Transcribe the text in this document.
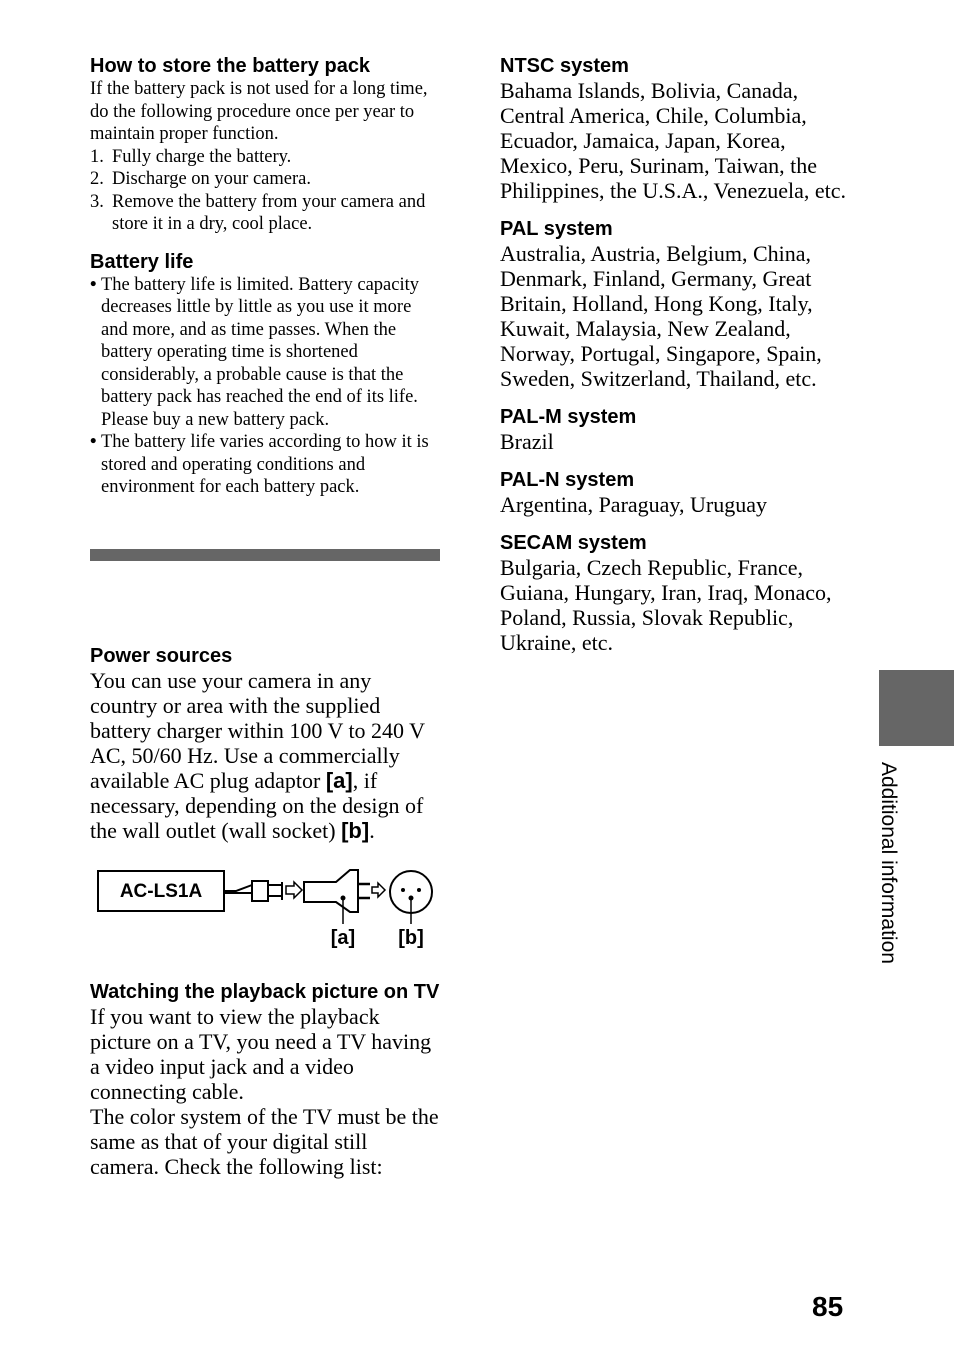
How to store the battery pack

If the battery pack is not used for a long time, do the following procedure once per year to maintain proper function.

1. Fully charge the battery.
2. Discharge on your camera.
3. Remove the battery from your camera and store it in a dry, cool place.
Battery life
• The battery life is limited. Battery capacity decreases little by little as you use it more and more, and as time passes. When the battery operating time is shortened considerably, a probable cause is that the battery pack has reached the end of its life. Please buy a new battery pack.
• The battery life varies according to how it is stored and operating conditions and environment for each battery pack.
Power sources

You can use your camera in any country or area with the supplied battery charger within 100 V to 240 V AC, 50/60 Hz. Use a commercially available AC plug adaptor [a], if necessary, depending on the design of the wall outlet (wall socket) [b].

AC-LS1A
[a] [b]
Watching the playback picture on TV

If you want to view the playback picture on a TV, you need a TV having a video input jack and a video connecting cable.

The color system of the TV must be the same as that of your digital still camera. Check the following list:

NTSC system

Bahama Islands, Bolivia, Canada, Central America, Chile, Columbia, Ecuador, Jamaica, Japan, Korea, Mexico, Peru, Surinam, Taiwan, the Philippines, the U.S.A., Venezuela, etc.

PAL system

Australia, Austria, Belgium, China, Denmark, Finland, Germany, Great Britain, Holland, Hong Kong, Italy, Kuwait, Malaysia, New Zealand, Norway, Portugal, Singapore, Spain, Sweden, Switzerland, Thailand, etc.

PAL-M system

Brazil

PAL-N system

Argentina, Paraguay, Uruguay

SECAM system

Bulgaria, Czech Republic, France, Guiana, Hungary, Iran, Iraq, Monaco, Poland, Russia, Slovak Republic, Ukraine, etc.

Additional information
85
